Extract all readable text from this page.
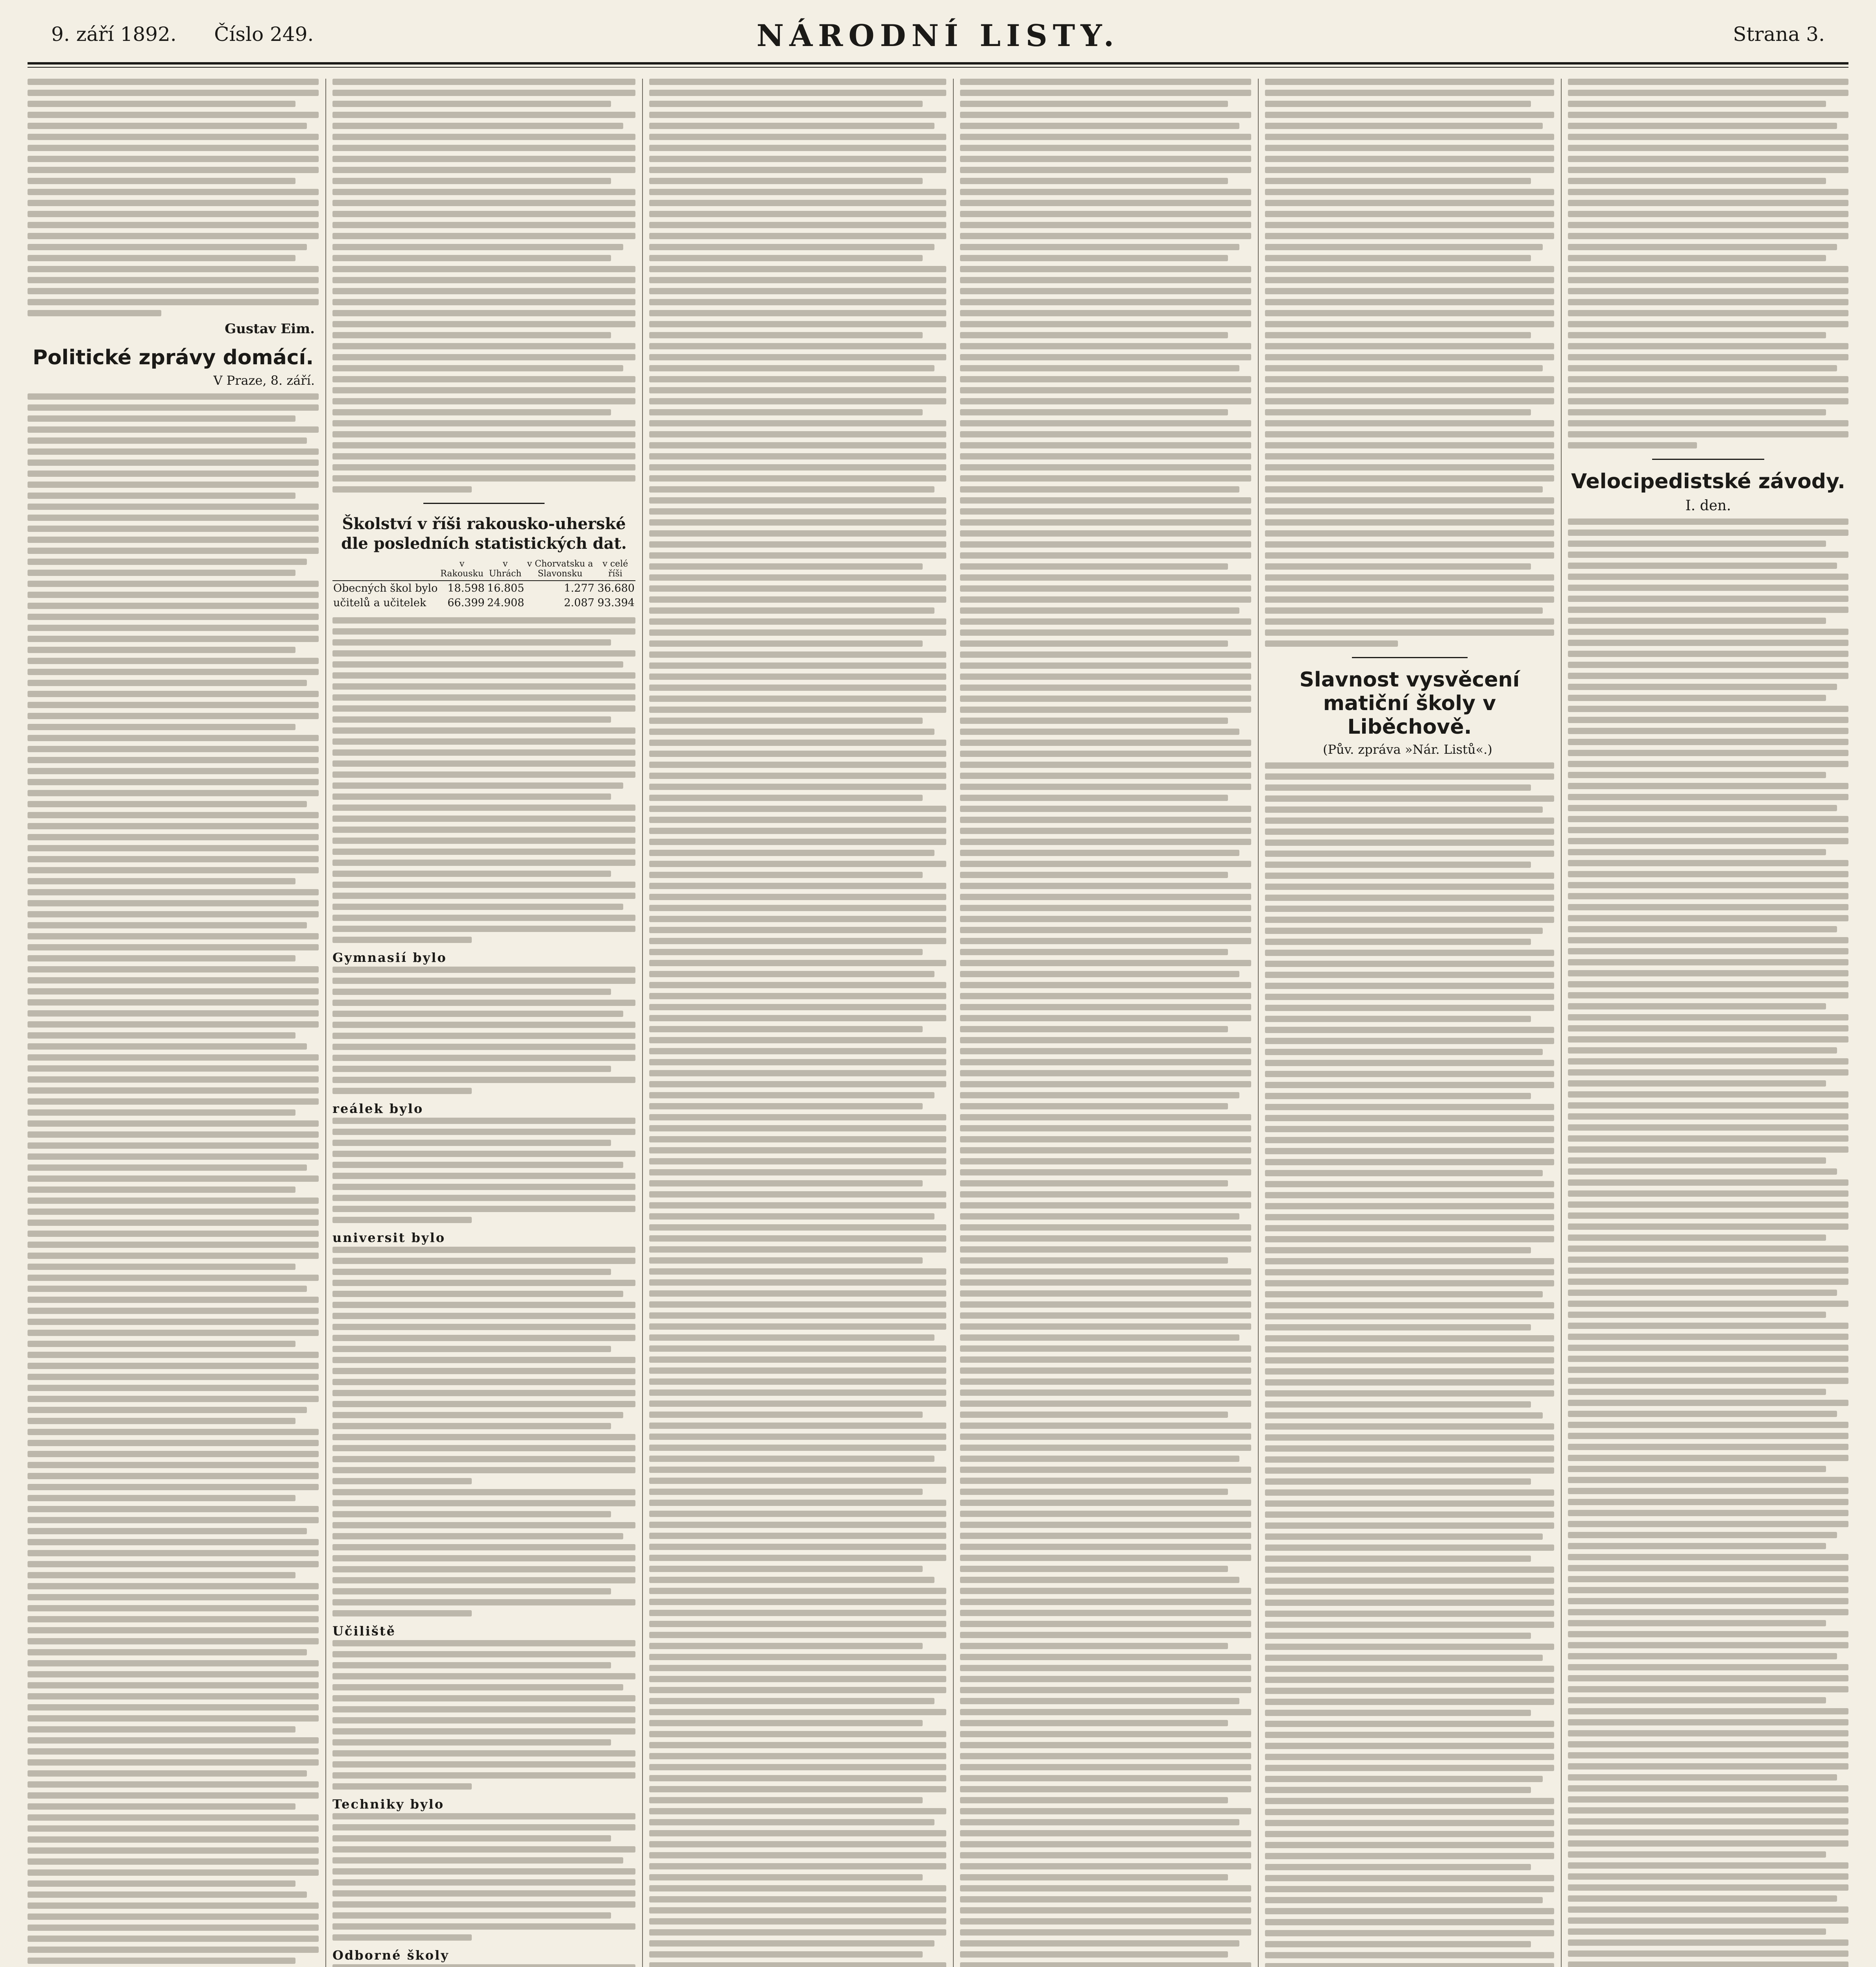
9. září 1892. Číslo 249.	NÁRODNÍ LISTY.	Strana 3.
Gustav Eim.
Politické zprávy domácí.
V Praze, 8. září.
Školství v říši rakousko-uherské dle posledních statistických dat.
	v Rakousku	v Uhrách	v Chorvatsku a Slavonsku	v celé říši
Obecných škol bylo	18.598	16.805	1.277	36.680
učitelů a učitelek	66.399	24.908	2.087	93.394
Gymnasií bylo
reálek bylo
universit bylo
Učiliště
Techniky bylo
Odborné školy
Slavnost vysvěcení matiční školy v Liběchově.
(Pův. zpráva »Nár. Listů«.)
Velocipedistské závody.
I. den.
